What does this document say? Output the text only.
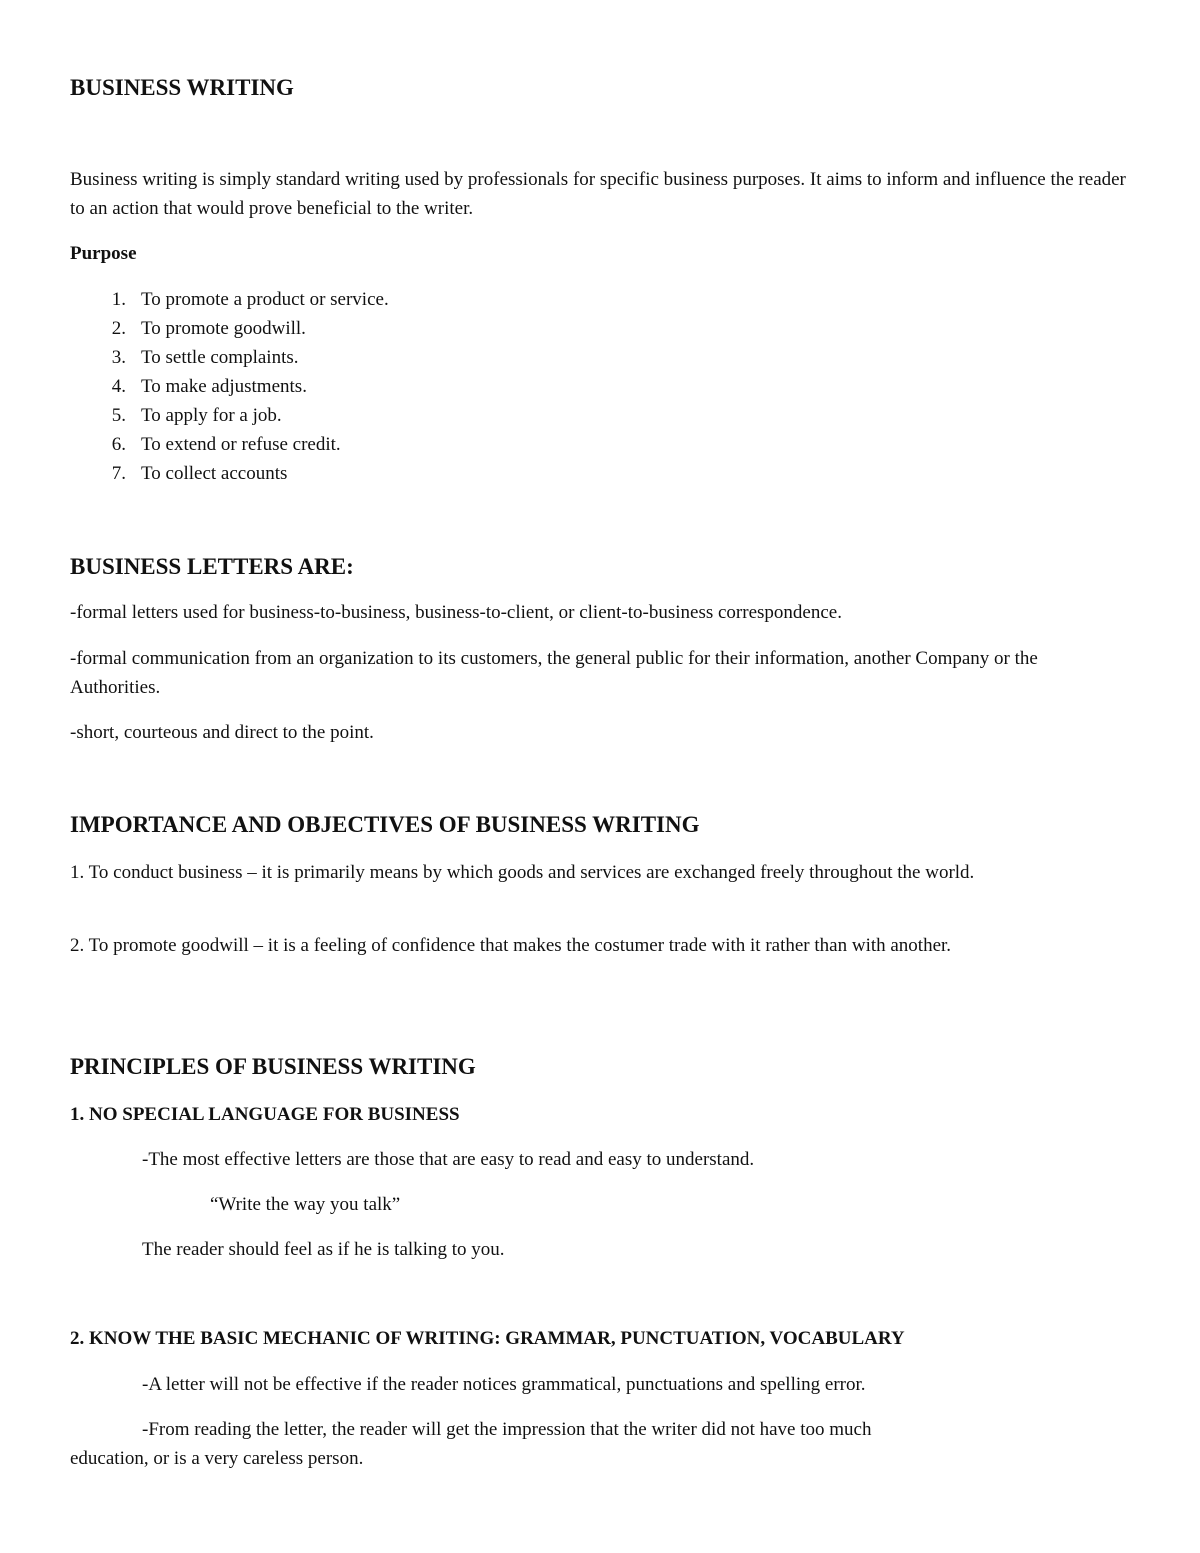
BUSINESS WRITING

Business writing is simply standard writing used by professionals for specific business purposes. It aims to inform and influence the reader to an action that would prove beneficial to the writer.

Purpose
1. To promote a product or service.
2. To promote goodwill.
3. To settle complaints.
4. To make adjustments.
5. To apply for a job.
6. To extend or refuse credit.
7. To collect accounts
BUSINESS LETTERS ARE:

-formal letters used for business-to-business, business-to-client, or client-to-business correspondence.

-formal communication from an organization to its customers, the general public for their information, another Company or the Authorities.

-short, courteous and direct to the point.

IMPORTANCE AND OBJECTIVES OF BUSINESS WRITING

1. To conduct business – it is primarily means by which goods and services are exchanged freely throughout the world.

2. To promote goodwill – it is a feeling of confidence that makes the costumer trade with it rather than with another.

PRINCIPLES OF BUSINESS WRITING
1. NO SPECIAL LANGUAGE FOR BUSINESS

-The most effective letters are those that are easy to read and easy to understand.

“Write the way you talk”

The reader should feel as if he is talking to you.

2. KNOW THE BASIC MECHANIC OF WRITING: GRAMMAR, PUNCTUATION, VOCABULARY

-A letter will not be effective if the reader notices grammatical, punctuations and spelling error.

-From reading the letter, the reader will get the impression that the writer did not have too much

education, or is a very careless person.
